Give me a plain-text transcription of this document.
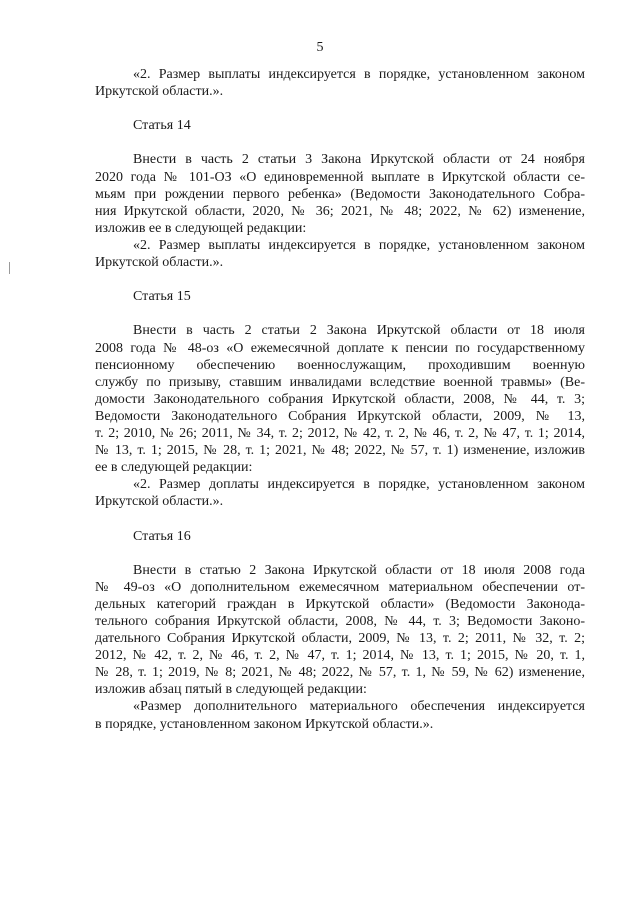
5
«2. Размер выплаты индексируется в порядке, установленном законом
Иркутской области.».
Статья 14
Внести в часть 2 статьи 3 Закона Иркутской области от 24 ноября
2020 года № 101-ОЗ «О единовременной выплате в Иркутской области се-
мьям при рождении первого ребенка» (Ведомости Законодательного Собра-
ния Иркутской области, 2020, № 36; 2021, № 48; 2022, № 62) изменение,
изложив ее в следующей редакции:
«2. Размер выплаты индексируется в порядке, установленном законом
Иркутской области.».
Статья 15
Внести в часть 2 статьи 2 Закона Иркутской области от 18 июля
2008 года № 48-оз «О ежемесячной доплате к пенсии по государственному
пенсионному обеспечению военнослужащим, проходившим военную
службу по призыву, ставшим инвалидами вследствие военной травмы» (Ве-
домости Законодательного собрания Иркутской области, 2008, № 44, т. 3;
Ведомости Законодательного Собрания Иркутской области, 2009, № 13,
т. 2; 2010, № 26; 2011, № 34, т. 2; 2012, № 42, т. 2, № 46, т. 2, № 47, т. 1; 2014,
№ 13, т. 1; 2015, № 28, т. 1; 2021, № 48; 2022, № 57, т. 1) изменение, изложив
ее в следующей редакции:
«2. Размер доплаты индексируется в порядке, установленном законом
Иркутской области.».
Статья 16
Внести в статью 2 Закона Иркутской области от 18 июля 2008 года
№ 49-оз «О дополнительном ежемесячном материальном обеспечении от-
дельных категорий граждан в Иркутской области» (Ведомости Законода-
тельного собрания Иркутской области, 2008, № 44, т. 3; Ведомости Законо-
дательного Собрания Иркутской области, 2009, № 13, т. 2; 2011, № 32, т. 2;
2012, № 42, т. 2, № 46, т. 2, № 47, т. 1; 2014, № 13, т. 1; 2015, № 20, т. 1,
№ 28, т. 1; 2019, № 8; 2021, № 48; 2022, № 57, т. 1, № 59, № 62) изменение,
изложив абзац пятый в следующей редакции:
«Размер дополнительного материального обеспечения индексируется
в порядке, установленном законом Иркутской области.».
